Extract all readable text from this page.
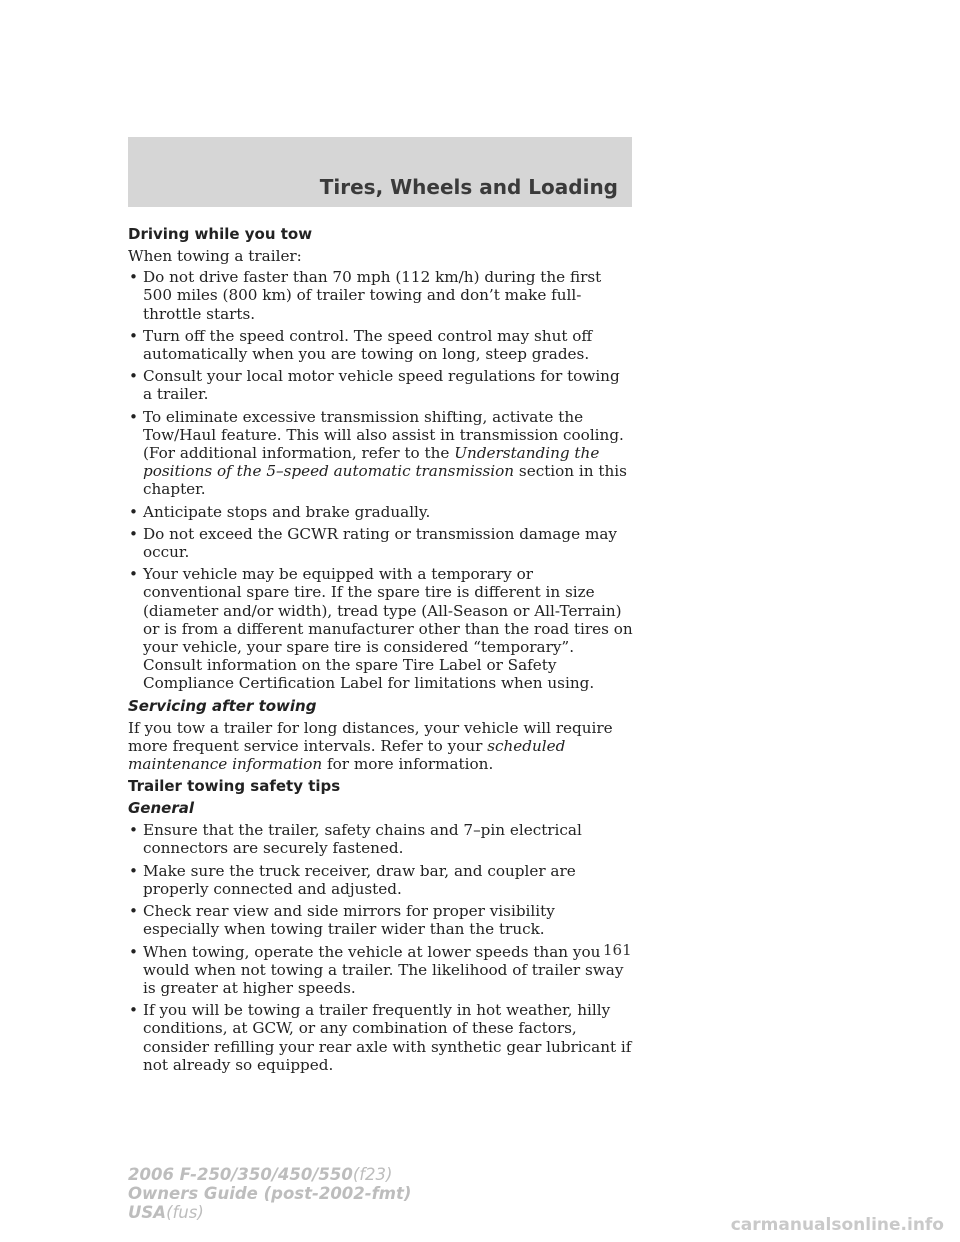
Tires, Wheels and Loading
Driving while you tow

When towing a trailer:

• Do not drive faster than 70 mph (112 km/h) during the first 500 miles (800 km) of trailer towing and don’t make full-throttle starts.
• Turn off the speed control. The speed control may shut off automatically when you are towing on long, steep grades.
• Consult your local motor vehicle speed regulations for towing a trailer.
• To eliminate excessive transmission shifting, activate the Tow/Haul feature. This will also assist in transmission cooling. (For additional information, refer to the Understanding the positions of the 5–speed automatic transmission section in this chapter.
• Anticipate stops and brake gradually.
• Do not exceed the GCWR rating or transmission damage may occur.
• Your vehicle may be equipped with a temporary or conventional spare tire. If the spare tire is different in size (diameter and/or width), tread type (All-Season or All-Terrain) or is from a different manufacturer other than the road tires on your vehicle, your spare tire is considered “temporary”. Consult information on the spare Tire Label or Safety Compliance Certification Label for limitations when using.
Servicing after towing

If you tow a trailer for long distances, your vehicle will require more frequent service intervals. Refer to your scheduled maintenance information for more information.

Trailer towing safety tips
General
• Ensure that the trailer, safety chains and 7–pin electrical connectors are securely fastened.
• Make sure the truck receiver, draw bar, and coupler are properly connected and adjusted.
• Check rear view and side mirrors for proper visibility especially when towing trailer wider than the truck.
• When towing, operate the vehicle at lower speeds than you would when not towing a trailer. The likelihood of trailer sway is greater at higher speeds.
• If you will be towing a trailer frequently in hot weather, hilly conditions, at GCW, or any combination of these factors, consider refilling your rear axle with synthetic gear lubricant if not already so equipped.
161
2006 F-250/350/450/550(f23)
Owners Guide (post-2002-fmt)
USA(fus)
carmanualsonline.info
